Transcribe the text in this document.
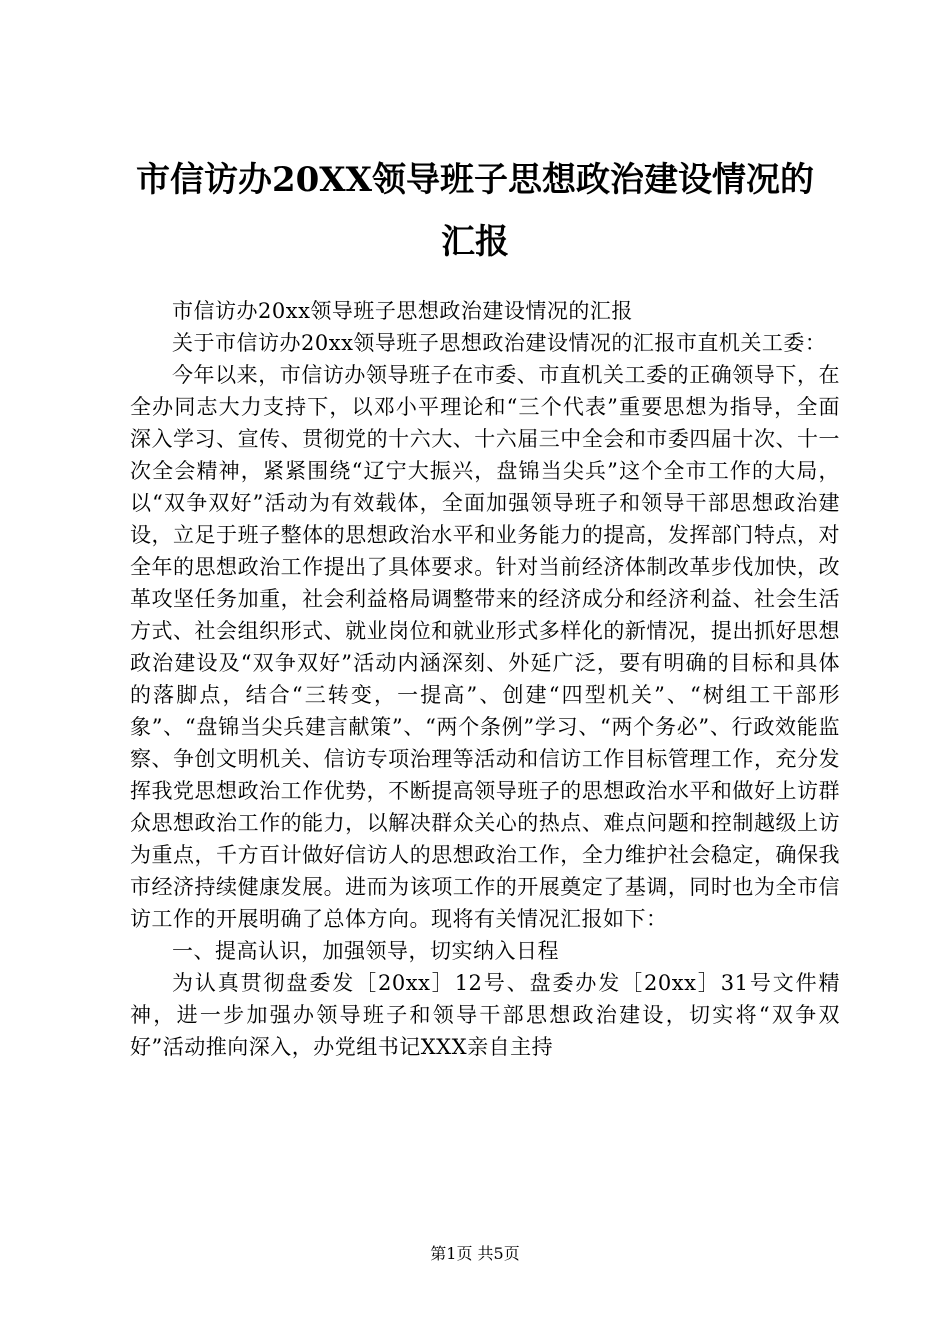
市信访办20XX领导班子思想政治建设情况的
汇报

市信访办20xx领导班子思想政治建设情况的汇报

关于市信访办20xx领导班子思想政治建设情况的汇报市直机关工委：

今年以来，市信访办领导班子在市委、市直机关工委的正确领导下，在全办同志大力支持下，以邓小平理论和“三个代表”重要思想为指导，全面深入学习、宣传、贯彻党的十六大、十六届三中全会和市委四届十次、十一次全会精神，紧紧围绕“辽宁大振兴，盘锦当尖兵”这个全市工作的大局，以“双争双好”活动为有效载体，全面加强领导班子和领导干部思想政治建设，立足于班子整体的思想政治水平和业务能力的提高，发挥部门特点，对全年的思想政治工作提出了具体要求。针对当前经济体制改革步伐加快，改革攻坚任务加重，社会利益格局调整带来的经济成分和经济利益、社会生活方式、社会组织形式、就业岗位和就业形式多样化的新情况，提出抓好思想政治建设及“双争双好”活动内涵深刻、外延广泛，要有明确的目标和具体的落脚点，结合“三转变，一提高”、创建“四型机关”、“树组工干部形象”、“盘锦当尖兵建言献策”、“两个条例”学习、“两个务必”、行政效能监察、争创文明机关、信访专项治理等活动和信访工作目标管理工作，充分发挥我党思想政治工作优势，不断提高领导班子的思想政治水平和做好上访群众思想政治工作的能力，以解决群众关心的热点、难点问题和控制越级上访为重点，千方百计做好信访人的思想政治工作，全力维护社会稳定，确保我市经济持续健康发展。进而为该项工作的开展奠定了基调，同时也为全市信访工作的开展明确了总体方向。现将有关情况汇报如下：

一、提高认识，加强领导，切实纳入日程

为认真贯彻盘委发［20xx］12号、盘委办发［20xx］31号文件精神，进一步加强办领导班子和领导干部思想政治建设，切实将“双争双好”活动推向深入，办党组书记XXX亲自主持

第1页 共5页
